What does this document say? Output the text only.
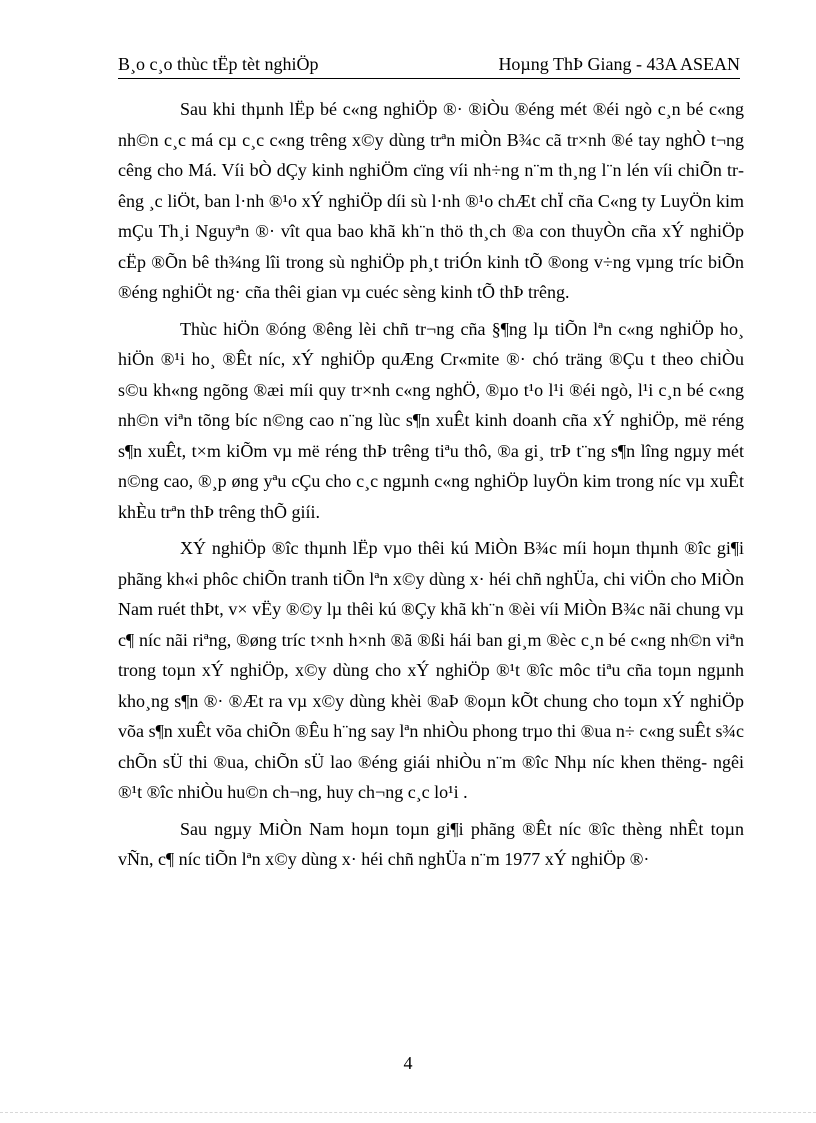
B¸o c¸o thùc tËp tèt nghiÖp	Hoµng ThÞ Giang - 43A ASEAN

Sau khi thµnh lËp bé c«ng nghiÖp ®· ®iÒu ®éng mét ®éi ngò c¸n bé c«ng nh©n c¸c má cµ c¸c c«ng trêng x©y dùng trªn miÒn B¾c cã tr×nh ®é tay nghÒ t¬ng cêng cho Má. Víi bÒ dÇy kinh nghiÖm cïng víi nh÷ng n¨m th¸ng l¨n lén víi chiÕn trêng ¸c liÖt, ban l·nh ®¹o xÝ nghiÖp díi sù l·nh ®¹o chÆt chÏ cña C«ng ty LuyÖn kim mÇu Th¸i Nguyªn ®· vît qua bao khã kh¨n thö th¸ch ®a con thuyÒn cña xÝ nghiÖp cËp ®Õn bê th¾ng lîi trong sù nghiÖp ph¸t triÓn kinh tÕ ®ong v÷ng vµng tríc biÕn ®éng nghiÖt ng· cña thêi gian vµ cuéc sèng kinh tÕ thÞ trêng.

Thùc hiÖn ®óng ®êng lèi chñ tr¬ng cña §¶ng lµ tiÕn lªn c«ng nghiÖp ho¸ hiÖn ®¹i ho¸ ®Êt níc, xÝ nghiÖp quÆng Cr«mite ®· chó träng ®Çu t theo chiÒu s©u kh«ng ngõng ®æi míi quy tr×nh c«ng nghÖ, ®µo t¹o l¹i ®éi ngò, l¹i c¸n bé c«ng nh©n viªn tõng bíc n©ng cao n¨ng lùc s¶n xuÊt kinh doanh cña xÝ nghiÖp, më réng s¶n xuÊt, t×m kiÕm vµ më réng thÞ trêng tiªu thô, ®a gi¸ trÞ t¨ng s¶n lîng ngµy mét n©ng cao, ®¸p øng yªu cÇu cho c¸c ngµnh c«ng nghiÖp luyÖn kim trong níc vµ xuÊt khÈu trªn thÞ trêng thÕ giíi.

XÝ nghiÖp ®îc thµnh lËp vµo thêi kú MiÒn B¾c míi hoµn thµnh ®îc gi¶i phãng kh«i phôc chiÕn tranh tiÕn lªn x©y dùng x· héi chñ nghÜa, chi viÖn cho MiÒn Nam ruét thÞt, v× vËy ®©y lµ thêi kú ®Çy khã kh¨n ®èi víi MiÒn B¾c nãi chung vµ c¶ níc nãi riªng, ®øng tríc t×nh h×nh ®ã ®ßi hái ban gi¸m ®èc c¸n bé c«ng nh©n viªn trong toµn xÝ nghiÖp, x©y dùng cho xÝ nghiÖp ®¹t ®îc môc tiªu cña toµn ngµnh kho¸ng s¶n ®· ®Æt ra vµ x©y dùng khèi ®aÞ ®oµn kÕt chung cho toµn xÝ nghiÖp võa s¶n xuÊt võa chiÕn ®Êu h¨ng say lªn nhiÒu phong trµo thi ®ua n÷ c«ng suÊt s¾c chÕn sÜ thi ®ua, chiÕn sÜ lao ®éng giái nhiÒu n¨m ®îc Nhµ níc khen thëng- ngêi ®¹t ®îc nhiÒu hu©n ch¬ng, huy ch¬ng c¸c lo¹i .

Sau ngµy MiÒn Nam hoµn toµn gi¶i phãng ®Êt níc ®îc thèng nhÊt toµn vÑn, c¶ níc tiÕn lªn x©y dùng x· héi chñ nghÜa n¨m 1977 xÝ nghiÖp ®·

4
